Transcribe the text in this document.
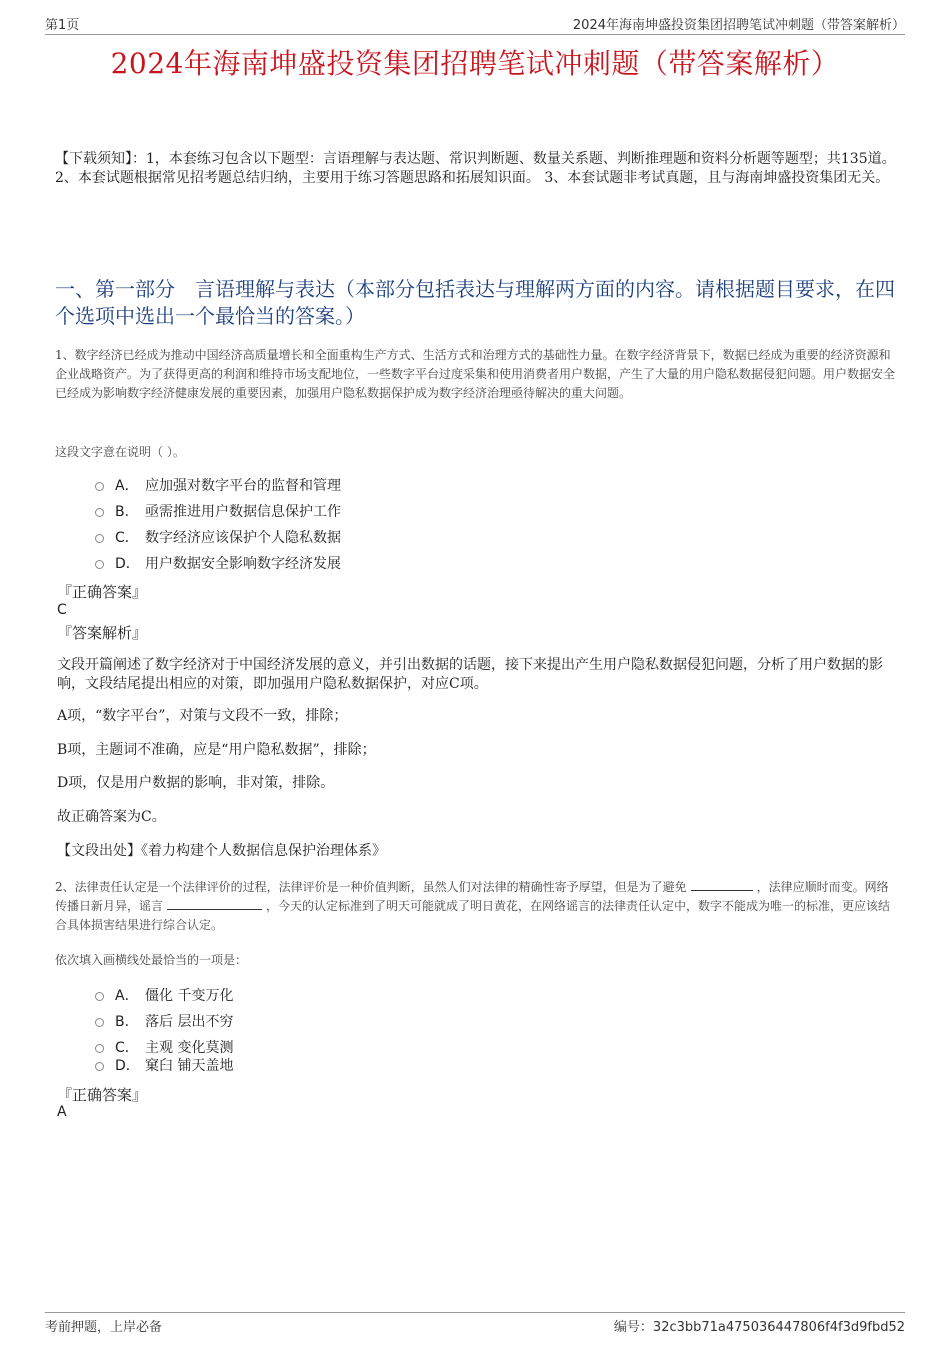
第1页	2024年海南坤盛投资集团招聘笔试冲刺题（带答案解析）
2024年海南坤盛投资集团招聘笔试冲刺题（带答案解析）
【下载须知】：1，本套练习包含以下题型：言语理解与表达题、常识判断题、数量关系题、判断推理题和资料分析题等题型；共135道。 2、本套试题根据常见招考题总结归纳，主要用于练习答题思路和拓展知识面。 3、本套试题非考试真题，且与海南坤盛投资集团无关。
一、第一部分　言语理解与表达（本部分包括表达与理解两方面的内容。请根据题目要求，在四个选项中选出一个最恰当的答案。）
1、数字经济已经成为推动中国经济高质量增长和全面重构生产方式、生活方式和治理方式的基础性力量。在数字经济背景下，数据已经成为重要的经济资源和企业战略资产。为了获得更高的利润和维持市场支配地位，一些数字平台过度采集和使用消费者用户数据，产生了大量的用户隐私数据侵犯问题。用户数据安全已经成为影响数字经济健康发展的重要因素，加强用户隐私数据保护成为数字经济治理亟待解决的重大问题。
这段文字意在说明（ ）。
A． 应加强对数字平台的监督和管理
B． 亟需推进用户数据信息保护工作
C． 数字经济应该保护个人隐私数据
D． 用户数据安全影响数字经济发展
『正确答案』
C
『答案解析』
文段开篇阐述了数字经济对于中国经济发展的意义，并引出数据的话题，接下来提出产生用户隐私数据侵犯问题，分析了用户数据的影响，文段结尾提出相应的对策，即加强用户隐私数据保护，对应C项。
A项，“数字平台”，对策与文段不一致，排除；
B项，主题词不准确，应是“用户隐私数据”，排除；
D项，仅是用户数据的影响，非对策，排除。
故正确答案为C。
【文段出处】《着力构建个人数据信息保护治理体系》
2、法律责任认定是一个法律评价的过程，法律评价是一种价值判断，虽然人们对法律的精确性寄予厚望，但是为了避免	，法律应顺时而变。网络传播日新月异，谣言	，今天的认定标准到了明天可能就成了明日黄花，在网络谣言的法律责任认定中，数字不能成为唯一的标准，更应该结合具体损害结果进行综合认定。
依次填入画横线处最恰当的一项是：
A． 僵化 千变万化
B． 落后 层出不穷
C． 主观 变化莫测
D． 窠臼 铺天盖地
『正确答案』
A
考前押题，上岸必备	编号：32c3bb71a475036447806f4f3d9fbd52
